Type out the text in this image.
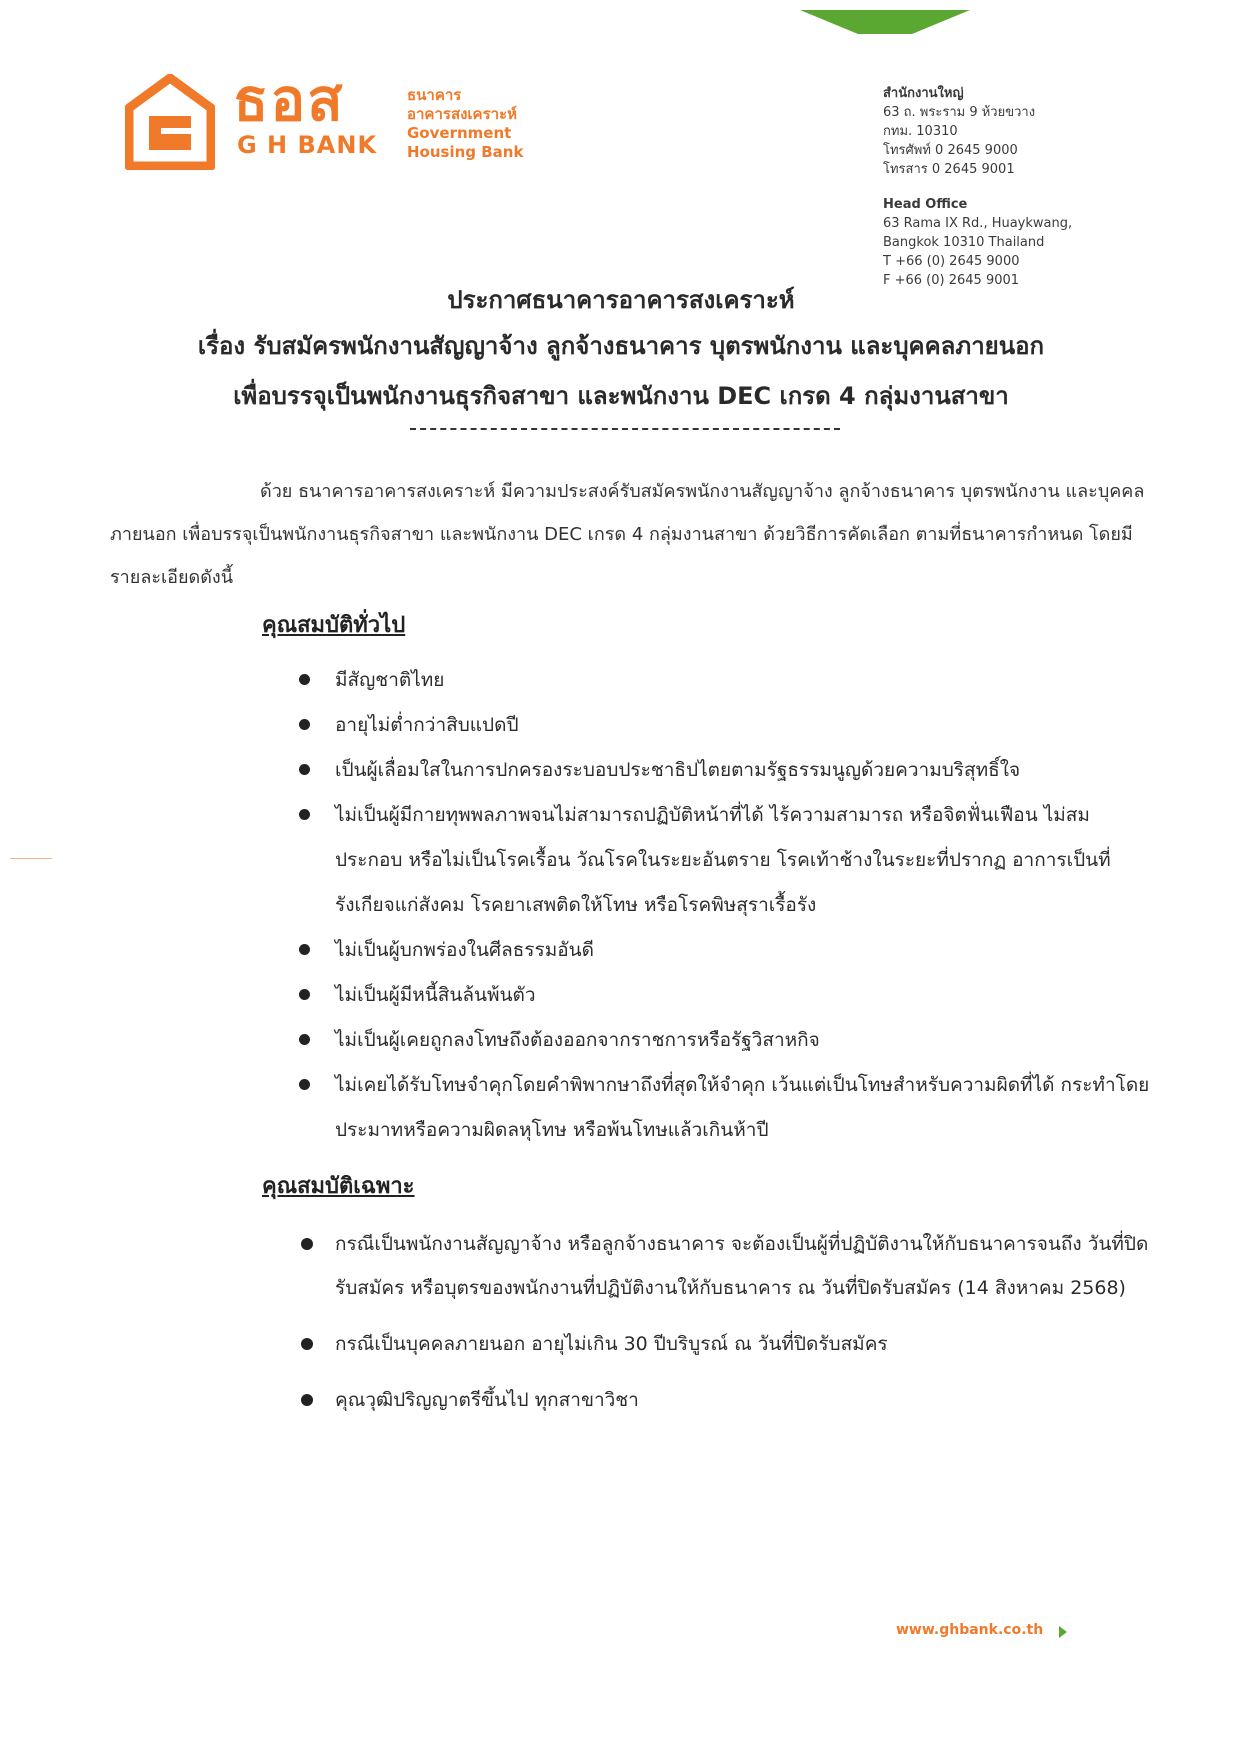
ธอส
G H BANK
ธนาคาร
อาคารสงเคราะห์
Government
Housing Bank
สำนักงานใหญ่
63 ถ. พระราม 9 ห้วยขวาง
กทม. 10310
โทรศัพท์ 0 2645 9000
โทรสาร 0 2645 9001
Head Office
63 Rama IX Rd., Huaykwang,
Bangkok 10310 Thailand
T +66 (0) 2645 9000
F +66 (0) 2645 9001
ประกาศธนาคารอาคารสงเคราะห์
เรื่อง รับสมัครพนักงานสัญญาจ้าง ลูกจ้างธนาคาร บุตรพนักงาน และบุคคลภายนอก
เพื่อบรรจุเป็นพนักงานธุรกิจสาขา และพนักงาน DEC เกรด 4 กลุ่มงานสาขา

ด้วย ธนาคารอาคารสงเคราะห์ มีความประสงค์รับสมัครพนักงานสัญญาจ้าง ลูกจ้างธนาคาร บุตรพนักงาน และบุคคลภายนอก เพื่อบรรจุเป็นพนักงานธุรกิจสาขา และพนักงาน DEC เกรด 4 กลุ่มงานสาขา ด้วยวิธีการคัดเลือก ตามที่ธนาคารกำหนด โดยมีรายละเอียดดังนี้

คุณสมบัติทั่วไป
มีสัญชาติไทย
อายุไม่ต่ำกว่าสิบแปดปี
เป็นผู้เลื่อมใสในการปกครองระบอบประชาธิปไตยตามรัฐธรรมนูญด้วยความบริสุทธิ์ใจ
ไม่เป็นผู้มีกายทุพพลภาพจนไม่สามารถปฏิบัติหน้าที่ได้ ไร้ความสามารถ หรือจิตฟั่นเฟือน ไม่สมประกอบ หรือไม่เป็นโรคเรื้อน วัณโรคในระยะอันตราย โรคเท้าช้างในระยะที่ปรากฏ อาการเป็นที่รังเกียจแก่สังคม โรคยาเสพติดให้โทษ หรือโรคพิษสุราเรื้อรัง
ไม่เป็นผู้บกพร่องในศีลธรรมอันดี
ไม่เป็นผู้มีหนี้สินล้นพ้นตัว
ไม่เป็นผู้เคยถูกลงโทษถึงต้องออกจากราชการหรือรัฐวิสาหกิจ
ไม่เคยได้รับโทษจำคุกโดยคำพิพากษาถึงที่สุดให้จำคุก เว้นแต่เป็นโทษสำหรับความผิดที่ได้ กระทำโดยประมาทหรือความผิดลหุโทษ หรือพ้นโทษแล้วเกินห้าปี
คุณสมบัติเฉพาะ
กรณีเป็นพนักงานสัญญาจ้าง หรือลูกจ้างธนาคาร จะต้องเป็นผู้ที่ปฏิบัติงานให้กับธนาคารจนถึง วันที่ปิดรับสมัคร หรือบุตรของพนักงานที่ปฏิบัติงานให้กับธนาคาร ณ วันที่ปิดรับสมัคร (14 สิงหาคม 2568)
กรณีเป็นบุคคลภายนอก อายุไม่เกิน 30 ปีบริบูรณ์ ณ วันที่ปิดรับสมัคร
คุณวุฒิปริญญาตรีขึ้นไป ทุกสาขาวิชา
www.ghbank.co.th
